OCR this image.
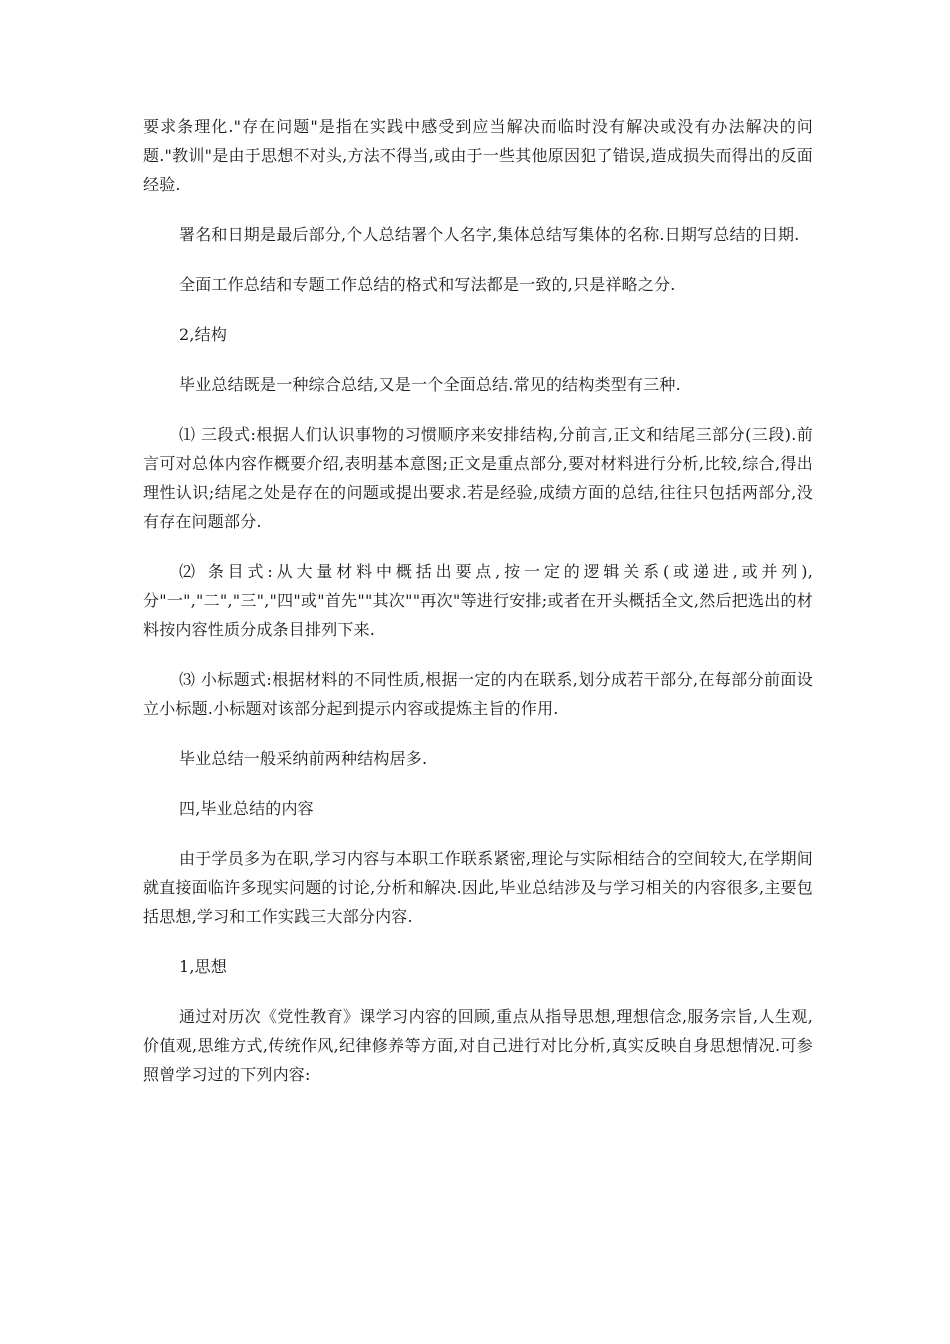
要求条理化."存在问题"是指在实践中感受到应当解决而临时没有解决或没有办法解决的问题."教训"是由于思想不对头,方法不得当,或由于一些其他原因犯了错误,造成损失而得出的反面经验.

署名和日期是最后部分,个人总结署个人名字,集体总结写集体的名称.日期写总结的日期.

全面工作总结和专题工作总结的格式和写法都是一致的,只是祥略之分.

2,结构

毕业总结既是一种综合总结,又是一个全面总结.常见的结构类型有三种.

⑴ 三段式:根据人们认识事物的习惯顺序来安排结构,分前言,正文和结尾三部分(三段).前言可对总体内容作概要介绍,表明基本意图;正文是重点部分,要对材料进行分析,比较,综合,得出理性认识;结尾之处是存在的问题或提出要求.若是经验,成绩方面的总结,往往只包括两部分,没有存在问题部分.

⑵ 条目式:从大量材料中概括出要点,按一定的逻辑关系(或递进,或并列),分"一","二","三","四"或"首先""其次""再次"等进行安排;或者在开头概括全文,然后把选出的材料按内容性质分成条目排列下来.

⑶ 小标题式:根据材料的不同性质,根据一定的内在联系,划分成若干部分,在每部分前面设立小标题.小标题对该部分起到提示内容或提炼主旨的作用.

毕业总结一般采纳前两种结构居多.

四,毕业总结的内容

由于学员多为在职,学习内容与本职工作联系紧密,理论与实际相结合的空间较大,在学期间就直接面临许多现实问题的讨论,分析和解决.因此,毕业总结涉及与学习相关的内容很多,主要包括思想,学习和工作实践三大部分内容.

1,思想

通过对历次《党性教育》课学习内容的回顾,重点从指导思想,理想信念,服务宗旨,人生观,价值观,思维方式,传统作风,纪律修养等方面,对自己进行对比分析,真实反映自身思想情况.可参照曾学习过的下列内容:
